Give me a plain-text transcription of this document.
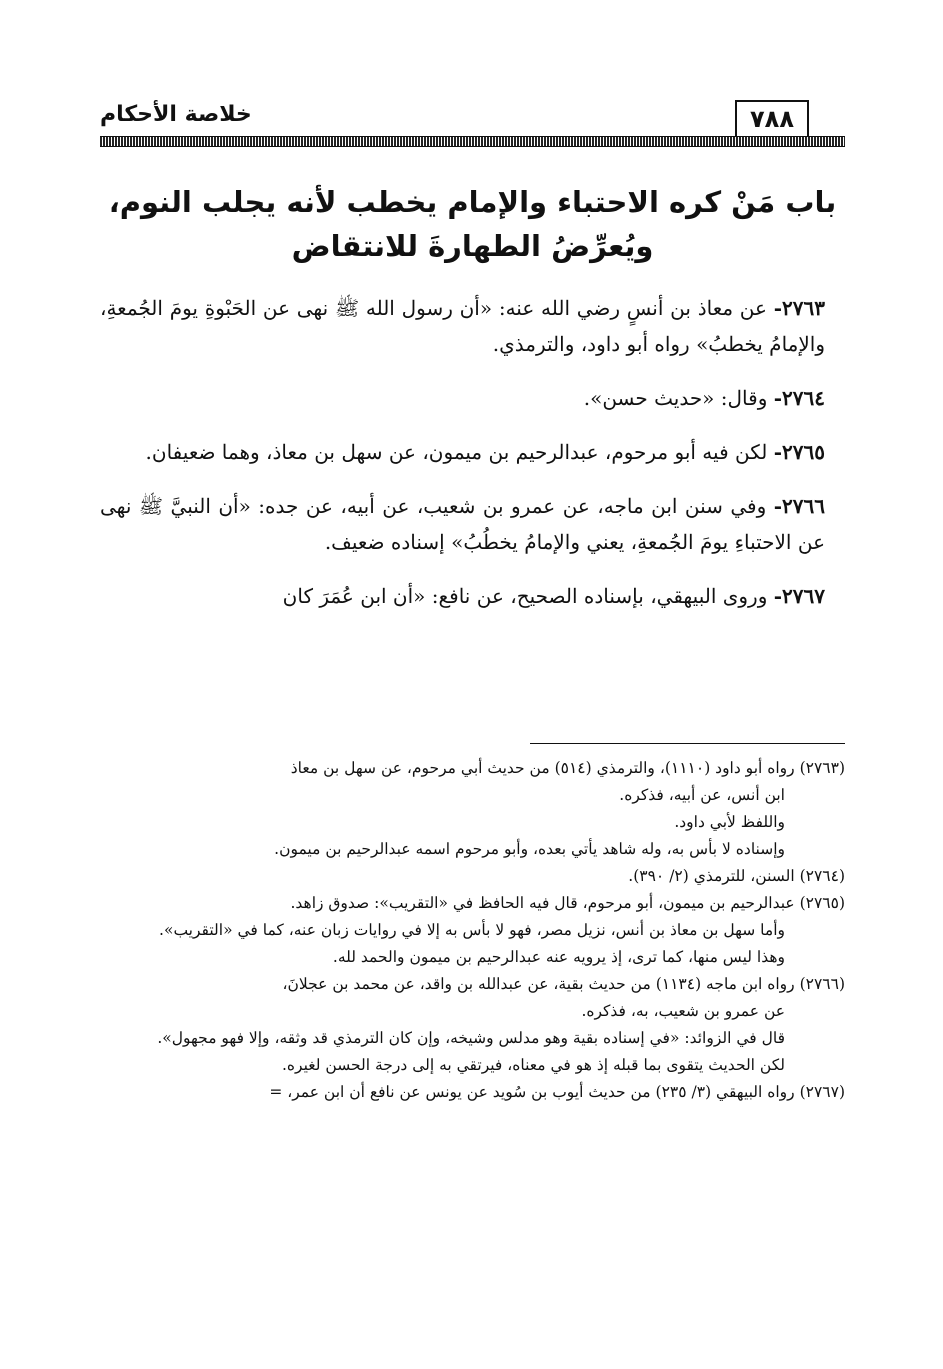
خلاصة الأحكام	٧٨٨
باب مَنْ كره الاحتباء والإمام يخطب لأنه يجلب النوم،
ويُعرِّضُ الطهارةَ للانتقاض

٢٧٦٣- عن معاذ بن أنسٍ رضي الله عنه: «أن رسول الله ﷺ نهى عن الحَبْوةِ يومَ الجُمعةِ، والإمامُ يخطبُ» رواه أبو داود، والترمذي.

٢٧٦٤- وقال: «حديث حسن».

٢٧٦٥- لكن فيه أبو مرحوم، عبدالرحيم بن ميمون، عن سهل بن معاذ، وهما ضعيفان.

٢٧٦٦- وفي سنن ابن ماجه، عن عمرو بن شعيب، عن أبيه، عن جده: «أن النبيَّ ﷺ نهى عن الاحتباءِ يومَ الجُمعةِ، يعني والإمامُ يخطُبُ» إسناده ضعيف.

٢٧٦٧- وروى البيهقي، بإسناده الصحيح، عن نافع: «أن ابن عُمَرَ كان

(٢٧٦٣) رواه أبو داود (١١١٠)، والترمذي (٥١٤) من حديث أبي مرحوم، عن سهل بن معاذ

ابن أنس، عن أبيه، فذكره.

واللفظ لأبي داود.

وإسناده لا بأس به، وله شاهد يأتي بعده، وأبو مرحوم اسمه عبدالرحيم بن ميمون.

(٢٧٦٤) السنن، للترمذي (٢/ ٣٩٠).

(٢٧٦٥) عبدالرحيم بن ميمون، أبو مرحوم، قال فيه الحافظ في «التقريب»: صدوق زاهد.

وأما سهل بن معاذ بن أنس، نزيل مصر، فهو لا بأس به إلا في روايات زبان عنه، كما في «التقريب».

وهذا ليس منها، كما ترى، إذ يرويه عنه عبدالرحيم بن ميمون والحمد لله.

(٢٧٦٦) رواه ابن ماجه (١١٣٤) من حديث بقية، عن عبدالله بن واقد، عن محمد بن عجلانَ،

عن عمرو بن شعيب، به، فذكره.

قال في الزوائد: «في إسناده بقية وهو مدلس وشيخه، وإن كان الترمذي قد وثقه، وإلا فهو مجهول».

لكن الحديث يتقوى بما قبله إذ هو في معناه، فيرتقي به إلى درجة الحسن لغيره.

(٢٧٦٧) رواه البيهقي (٣/ ٢٣٥) من حديث أيوب بن سُويد عن يونس عن نافع أن ابن عمر، =
